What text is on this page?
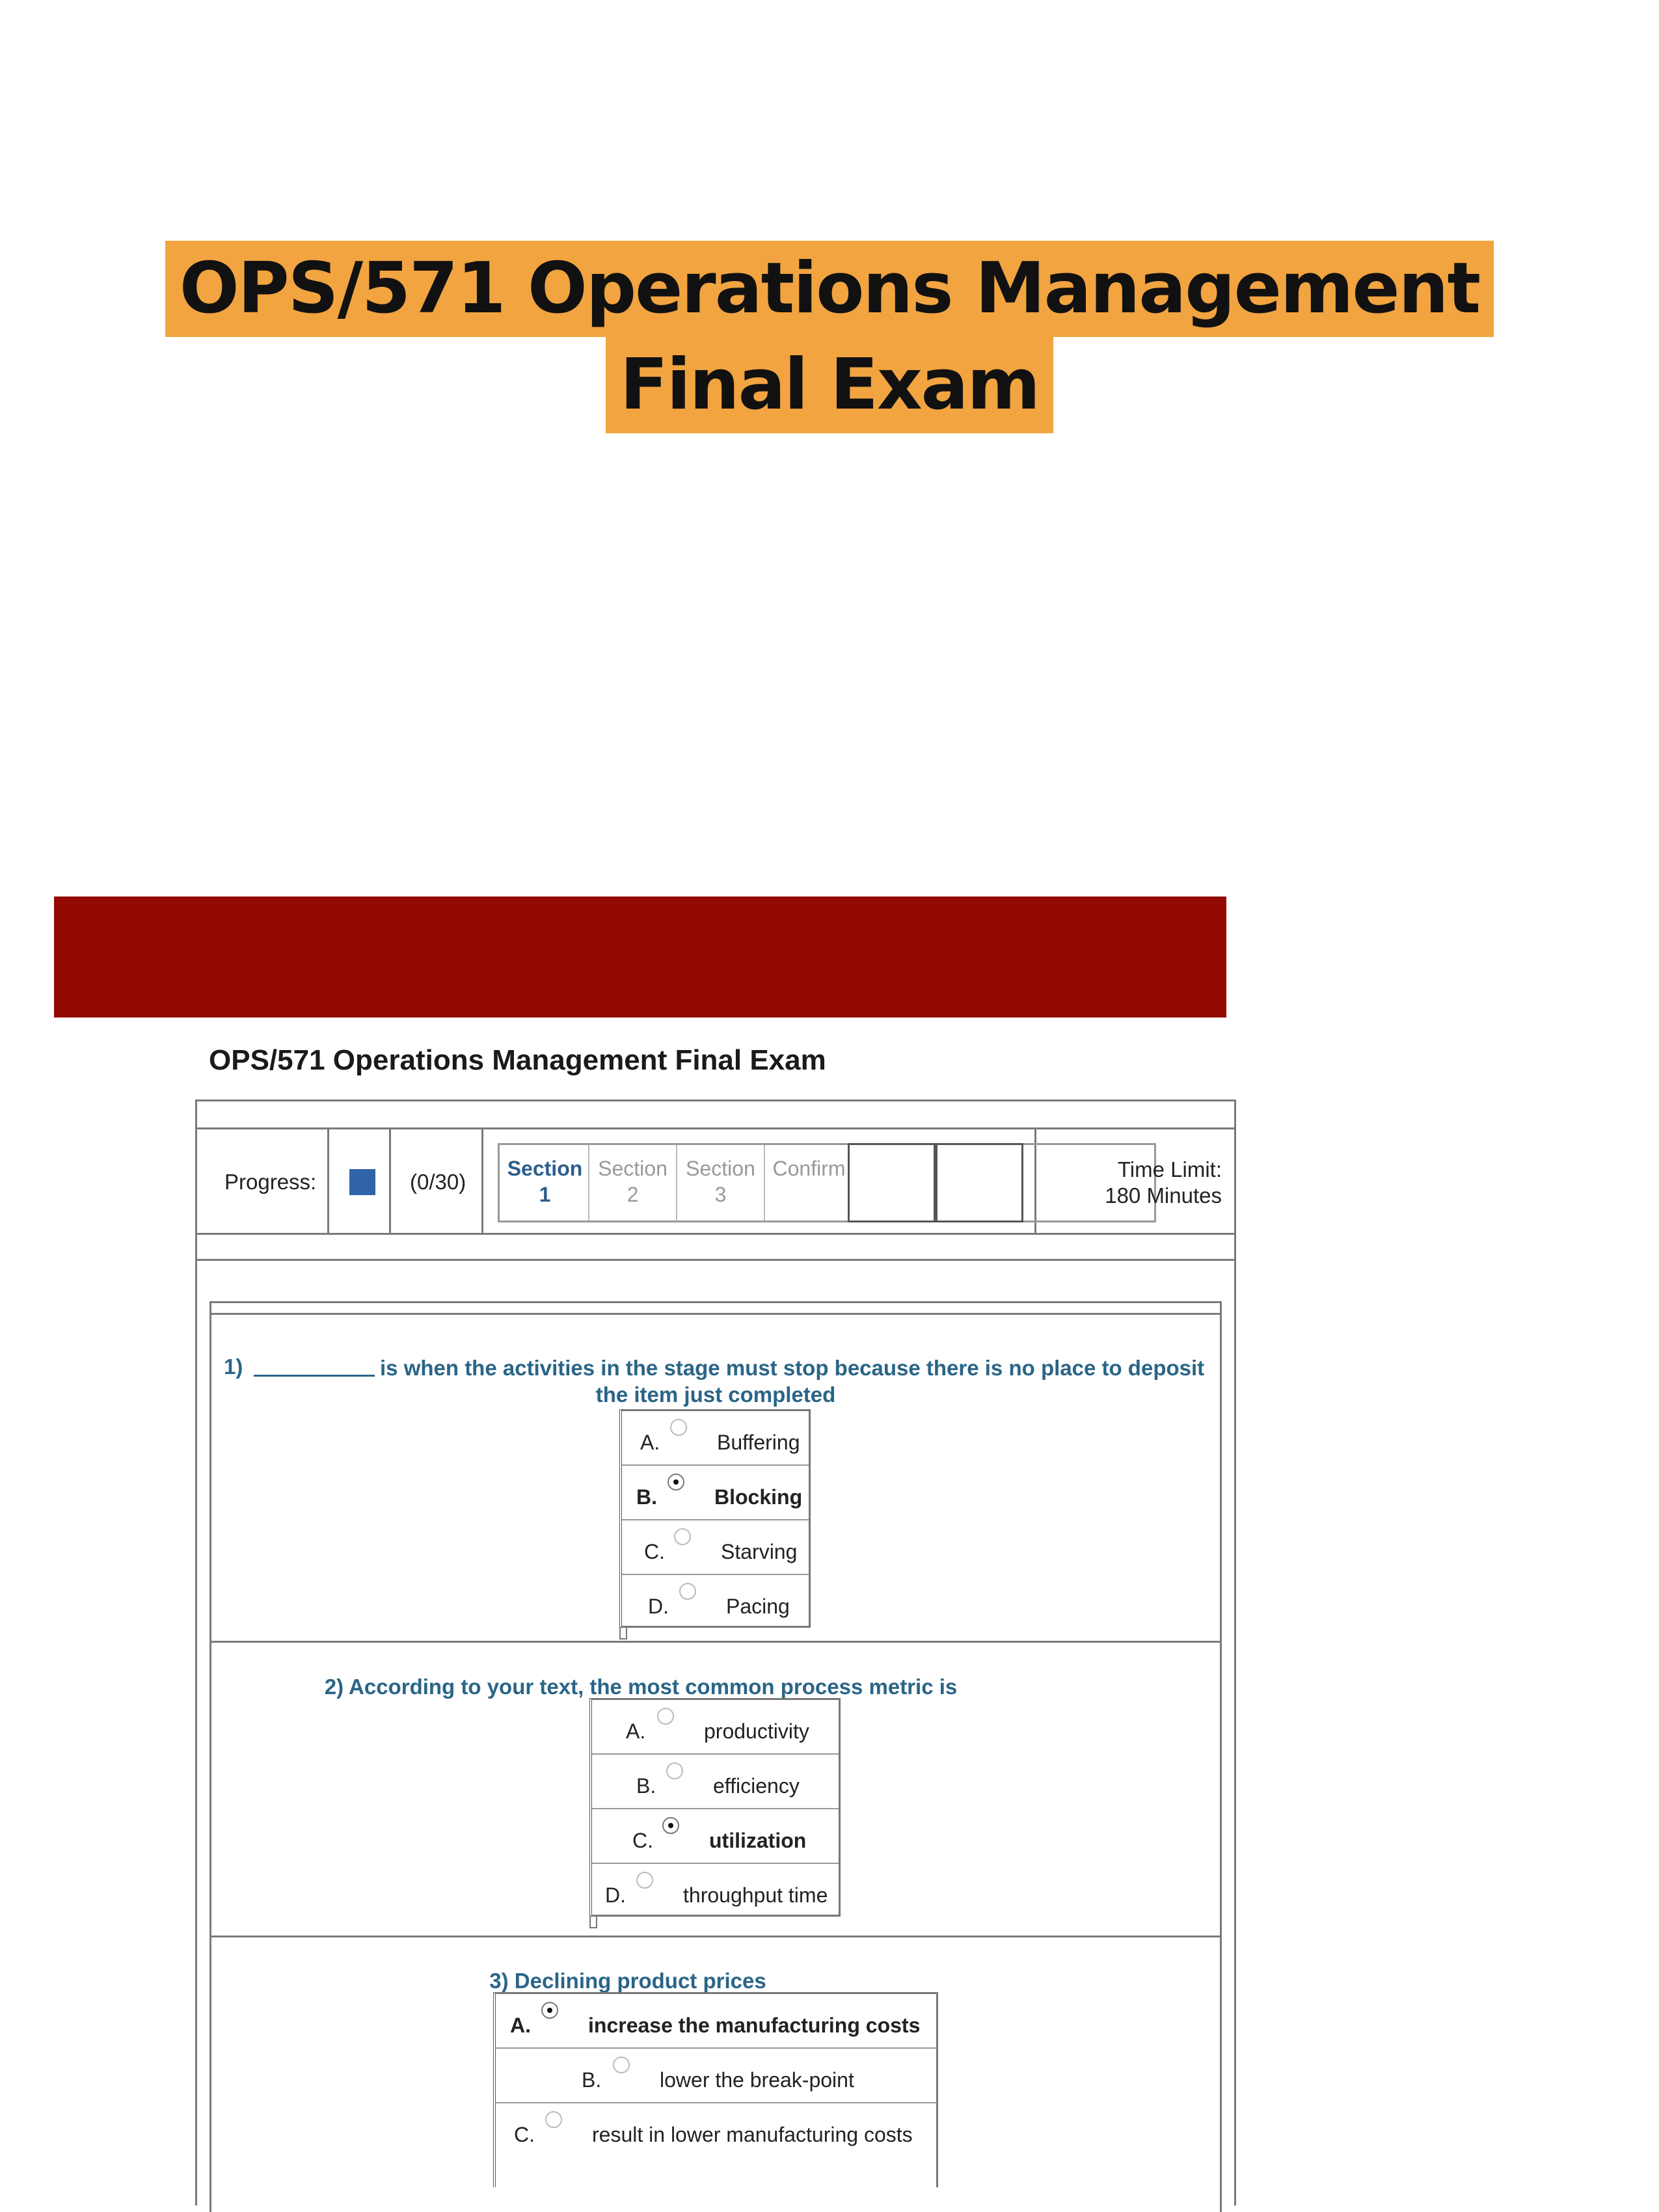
OPS/571 Operations Management
Final Exam
OPS/571 Operations Management Final Exam
Progress:	(0/30)
Section
1
Section
2
Section
3
Confirm	Time Limit:
180 Minutes
1)	is when the activities in the stage must stop because there is no place to deposit
the item just completed
A.	Buffering
B.	Blocking
C.	Starving
D.	Pacing
2) According to your text, the most common process metric is
A.	productivity
B.	efficiency
C.	utilization
D.	throughput time
3) Declining product prices
A.	increase the manufacturing costs
B.	lower the break-point
C.	result in lower manufacturing costs
